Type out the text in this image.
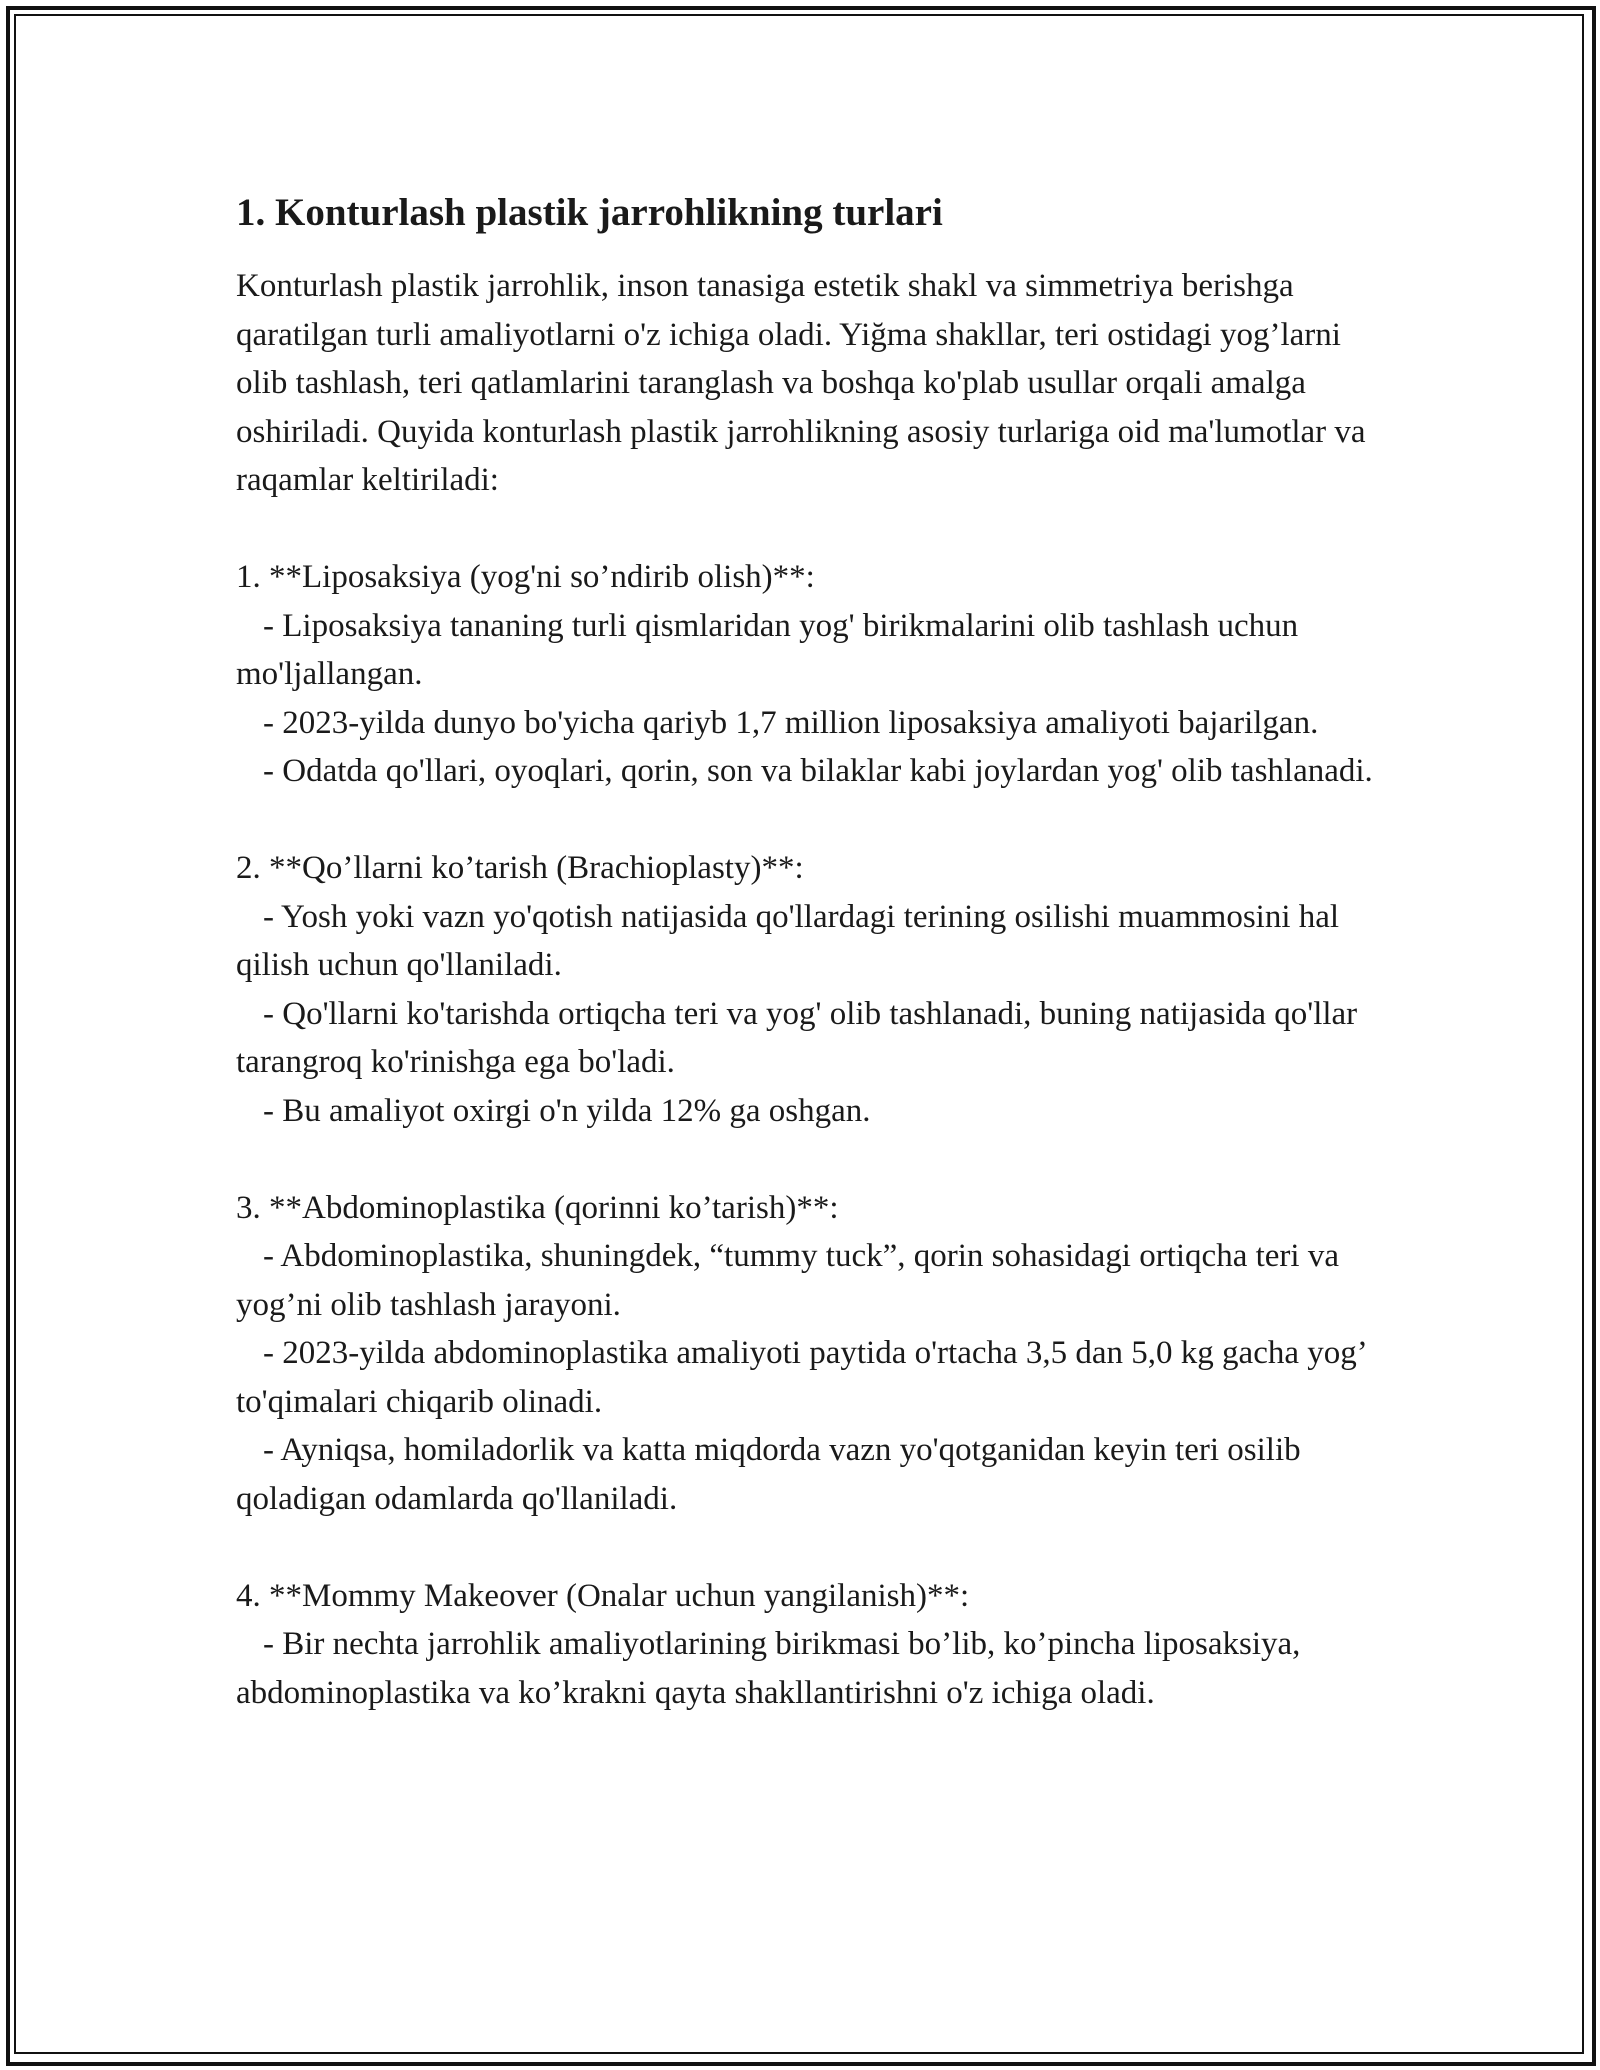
1. Konturlash plastik jarrohlikning turlari

Konturlash plastik jarrohlik, inson tanasiga estetik shakl va simmetriya berishga qaratilgan turli amaliyotlarni o'z ichiga oladi. Yiğma shakllar, teri ostidagi yog’larni olib tashlash, teri qatlamlarini taranglash va boshqa ko'plab usullar orqali amalga oshiriladi. Quyida konturlash plastik jarrohlikning asosiy turlariga oid ma'lumotlar va raqamlar keltiriladi:

1. **Liposaksiya (yog'ni so’ndirib olish)**:

- Liposaksiya tananing turli qismlaridan yog' birikmalarini olib tashlash uchun mo'ljallangan.

- 2023-yilda dunyo bo'yicha qariyb 1,7 million liposaksiya amaliyoti bajarilgan.

- Odatda qo'llari, oyoqlari, qorin, son va bilaklar kabi joylardan yog' olib tashlanadi.

2. **Qo’llarni ko’tarish (Brachioplasty)**:

- Yosh yoki vazn yo'qotish natijasida qo'llardagi terining osilishi muammosini hal qilish uchun qo'llaniladi.

- Qo'llarni ko'tarishda ortiqcha teri va yog' olib tashlanadi, buning natijasida qo'llar tarangroq ko'rinishga ega bo'ladi.

- Bu amaliyot oxirgi o'n yilda 12% ga oshgan.

3. **Abdominoplastika (qorinni ko’tarish)**:

- Abdominoplastika, shuningdek, “tummy tuck”, qorin sohasidagi ortiqcha teri va yog’ni olib tashlash jarayoni.

- 2023-yilda abdominoplastika amaliyoti paytida o'rtacha 3,5 dan 5,0 kg gacha yog’ to'qimalari chiqarib olinadi.

- Ayniqsa, homiladorlik va katta miqdorda vazn yo'qotganidan keyin teri osilib qoladigan odamlarda qo'llaniladi.

4. **Mommy Makeover (Onalar uchun yangilanish)**:

- Bir nechta jarrohlik amaliyotlarining birikmasi bo’lib, ko’pincha liposaksiya, abdominoplastika va ko’krakni qayta shakllantirishni o'z ichiga oladi.
